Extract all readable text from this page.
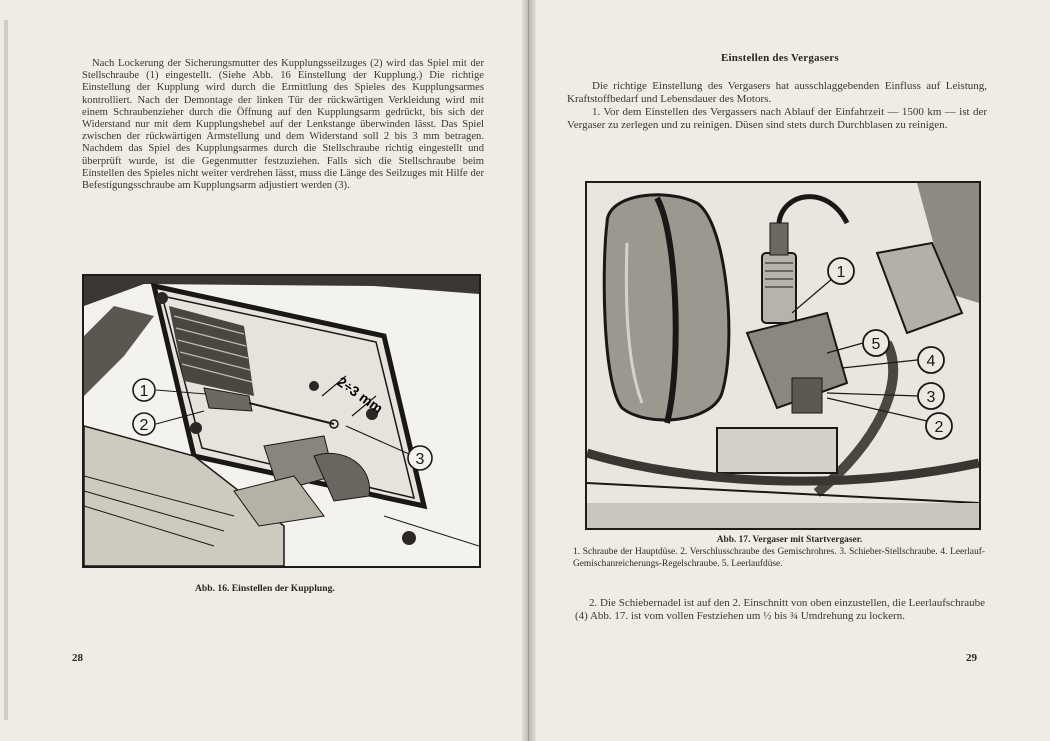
Nach Lockerung der Sicherungsmutter des Kupplungsseilzuges (2) wird das Spiel mit der Stellschraube (1) eingestellt. (Siehe Abb. 16 Einstellung der Kupplung.) Die richtige Einstellung der Kupplung wird durch die Ermittlung des Spieles des Kupplungsarmes kontrolliert. Nach der Demontage der linken Tür der rückwärtigen Verkleidung wird mit einem Schraubenzieher durch die Öffnung auf den Kupplungsarm gedrückt, bis sich der Widerstand nur mit dem Kupplungshebel auf der Lenkstange überwinden lässt. Das Spiel zwischen der rückwärtigen Armstellung und dem Widerstand soll 2 bis 3 mm betragen. Nachdem das Spiel des Kupplungsarmes durch die Stellschraube richtig eingestellt und überprüft wurde, ist die Gegenmutter festzuziehen. Falls sich die Stellschraube beim Einstellen des Spieles nicht weiter verdrehen lässt, muss die Länge des Seilzuges mit Hilfe der Befestigungsschraube am Kupplungsarm adjustiert werden (3).

2÷3 mm
1
2
3
Abb. 16. Einstellen der Kupplung.
28
Einstellen des Vergasers

Die richtige Einstellung des Vergasers hat ausschlaggebenden Einfluss auf Leistung, Kraftstoffbedarf und Lebensdauer des Motors.

1. Vor dem Einstellen des Vergassers nach Ablauf der Einfahrzeit — 1500 km — ist der Vergaser zu zerlegen und zu reinigen. Düsen sind stets durch Durchblasen zu reinigen.

1
2
3
4
5
Abb. 17. Vergaser mit Startvergaser.
1. Schraube der Hauptdüse. 2. Verschlusschraube des Gemischrohres. 3. Schieber-Stellschraube. 4. Leerlauf-Gemischanreicherungs-Regelschraube. 5. Leerlaufdüse.

2. Die Schiebernadel ist auf den 2. Einschnitt von oben einzustellen, die Leerlaufschraube (4) Abb. 17. ist vom vollen Festziehen um ½ bis ¾ Umdrehung zu lockern.

29
